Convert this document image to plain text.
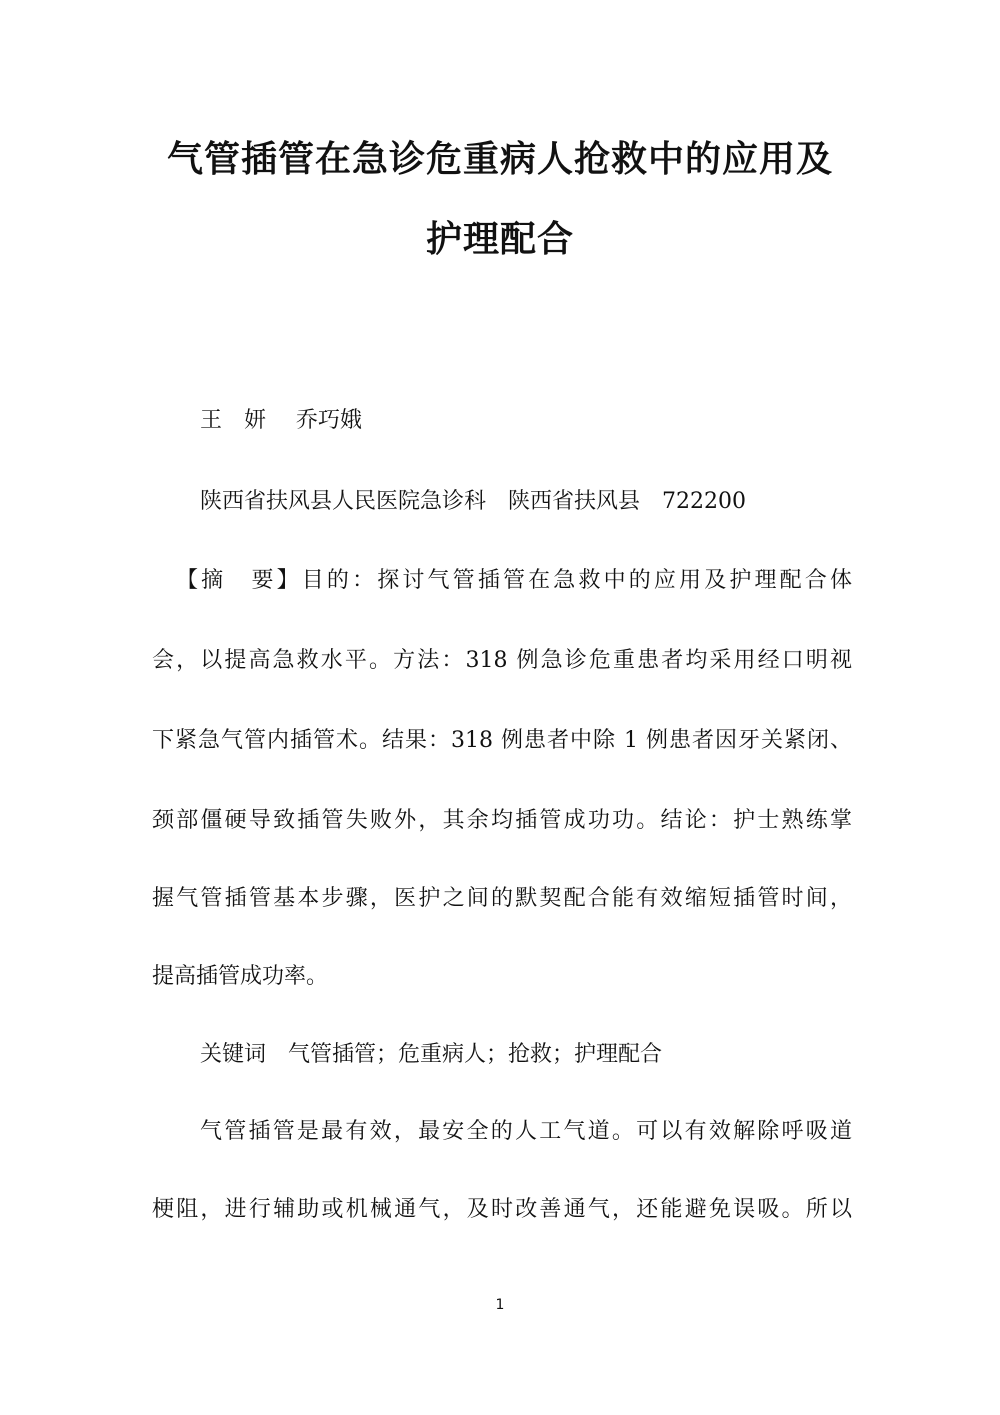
气管插管在急诊危重病人抢救中的应用及
护理配合
王　妍 乔巧娥
陕西省扶风县人民医院急诊科 陕西省扶风县 722200
【摘　要】目的：探讨气管插管在急救中的应用及护理配合体
会，以提高急救水平。方法：318 例急诊危重患者均采用经口明视
下紧急气管内插管术。结果：318 例患者中除 1 例患者因牙关紧闭、
颈部僵硬导致插管失败外，其余均插管成功功。结论：护士熟练掌
握气管插管基本步骤，医护之间的默契配合能有效缩短插管时间，
提高插管成功率。
关键词 气管插管；危重病人；抢救；护理配合
气管插管是最有效，最安全的人工气道。可以有效解除呼吸道
梗阻，进行辅助或机械通气，及时改善通气，还能避免误吸。所以
1
